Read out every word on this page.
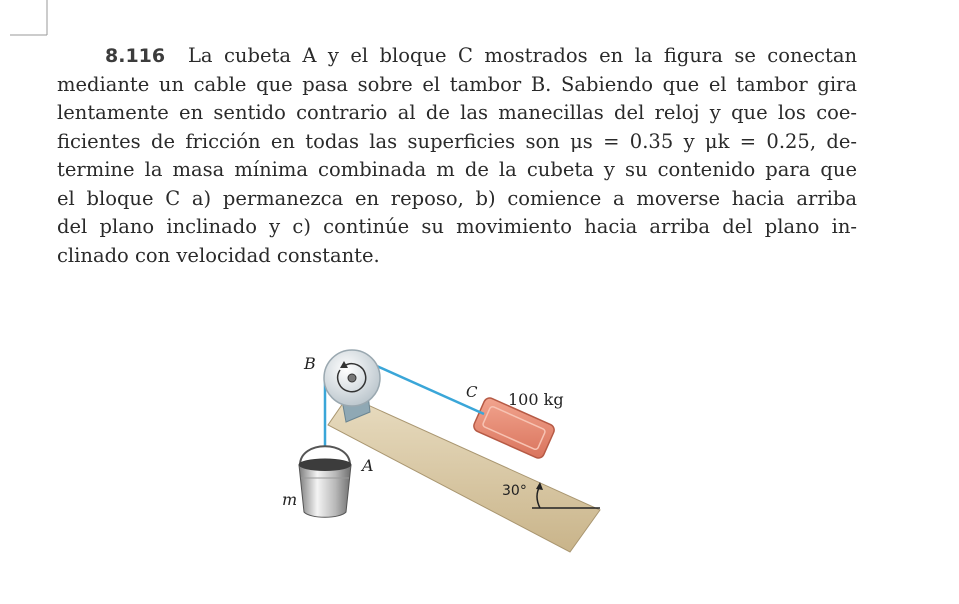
8.116 La cubeta A y el bloque C mostrados en la figura se conectan
mediante un cable que pasa sobre el tambor B. Sabiendo que el tambor gira
lentamente en sentido contrario al de las manecillas del reloj y que los coe-
ficientes de fricción en todas las superficies son μs = 0.35 y μk = 0.25, de-
termine la masa mínima combinada m de la cubeta y su contenido para que
el bloque C a) permanezca en reposo, b) comience a moverse hacia arriba
del plano inclinado y c) continúe su movimiento hacia arriba del plano in-
clinado con velocidad constante.
B
C 100 kg
A
m	30°
